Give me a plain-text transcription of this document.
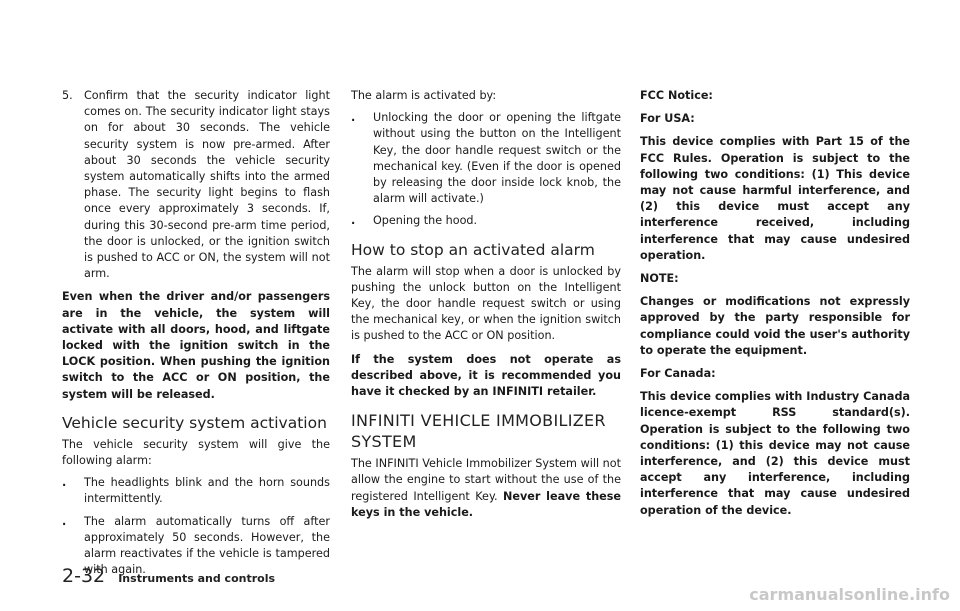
5. Confirm that the security indicator light comes on. The security indicator light stays on for about 30 seconds. The vehicle security system is now pre-armed. After about 30 seconds the vehicle security system automatically shifts into the armed phase. The security light begins to flash once every approximately 3 seconds. If, during this 30-second pre-arm time period, the door is unlocked, or the ignition switch is pushed to ACC or ON, the system will not arm.

Even when the driver and/or passengers are in the vehicle, the system will activate with all doors, hood, and liftgate locked with the ignition switch in the LOCK position. When pushing the ignition switch to the ACC or ON position, the system will be released.

Vehicle security system activation

The vehicle security system will give the following alarm:

. The headlights blink and the horn sounds intermittently.
. The alarm automatically turns off after approximately 50 seconds. However, the alarm reactivates if the vehicle is tampered with again.

The alarm is activated by:

. Unlocking the door or opening the liftgate without using the button on the Intelligent Key, the door handle request switch or the mechanical key. (Even if the door is opened by releasing the door inside lock knob, the alarm will activate.)
. Opening the hood.
How to stop an activated alarm

The alarm will stop when a door is unlocked by pushing the unlock button on the Intelligent Key, the door handle request switch or using the mechanical key, or when the ignition switch is pushed to the ACC or ON position.

If the system does not operate as described above, it is recommended you have it checked by an INFINITI retailer.

INFINITI VEHICLE IMMOBILIZER SYSTEM

The INFINITI Vehicle Immobilizer System will not allow the engine to start without the use of the registered Intelligent Key. Never leave these keys in the vehicle.

FCC Notice:

For USA:

This device complies with Part 15 of the FCC Rules. Operation is subject to the following two conditions: (1) This device may not cause harmful interference, and (2) this device must accept any interference received, including interference that may cause undesired operation.

NOTE:

Changes or modifications not expressly approved by the party responsible for compliance could void the user's authority to operate the equipment.

For Canada:

This device complies with Industry Canada licence-exempt RSS standard(s). Operation is subject to the following two conditions: (1) this device may not cause interference, and (2) this device must accept any interference, including interference that may cause undesired operation of the device.

2-32 Instruments and controls
carmanualsonline.info
